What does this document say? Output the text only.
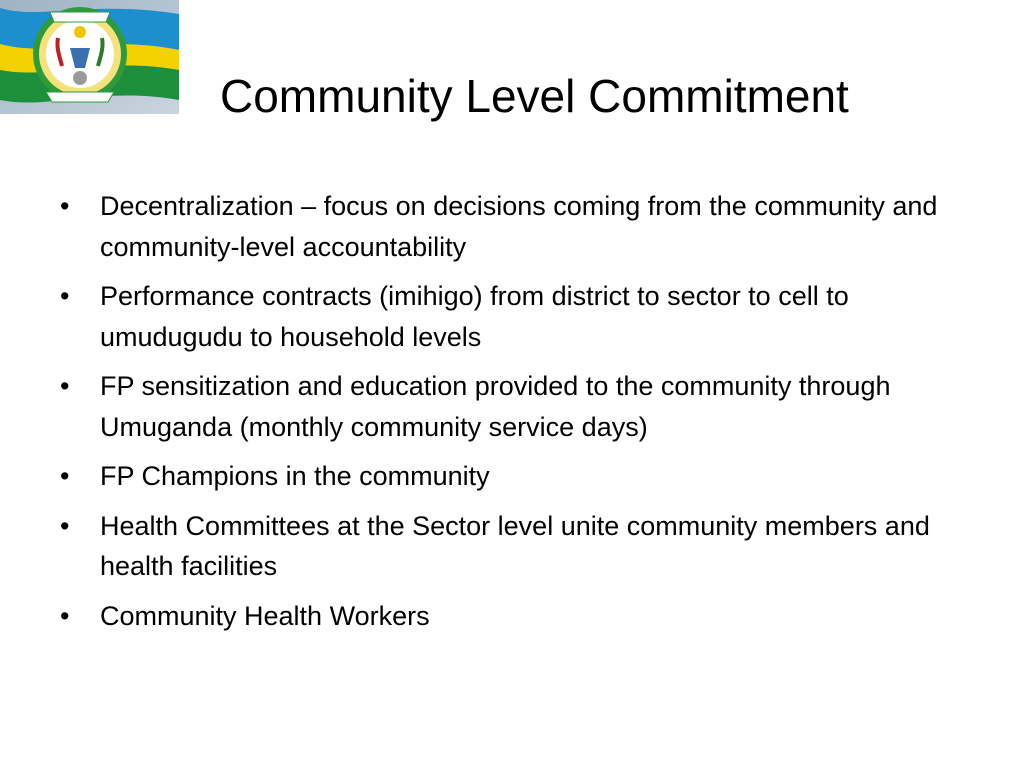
Community Level Commitment
• Decentralization – focus on decisions coming from the community and community-level accountability
• Performance contracts (imihigo) from district to sector to cell to umudugudu to household levels
• FP sensitization and education provided to the community through Umuganda (monthly community service days)
• FP Champions in the community
• Health Committees at the Sector level unite community members and health facilities
• Community Health Workers
